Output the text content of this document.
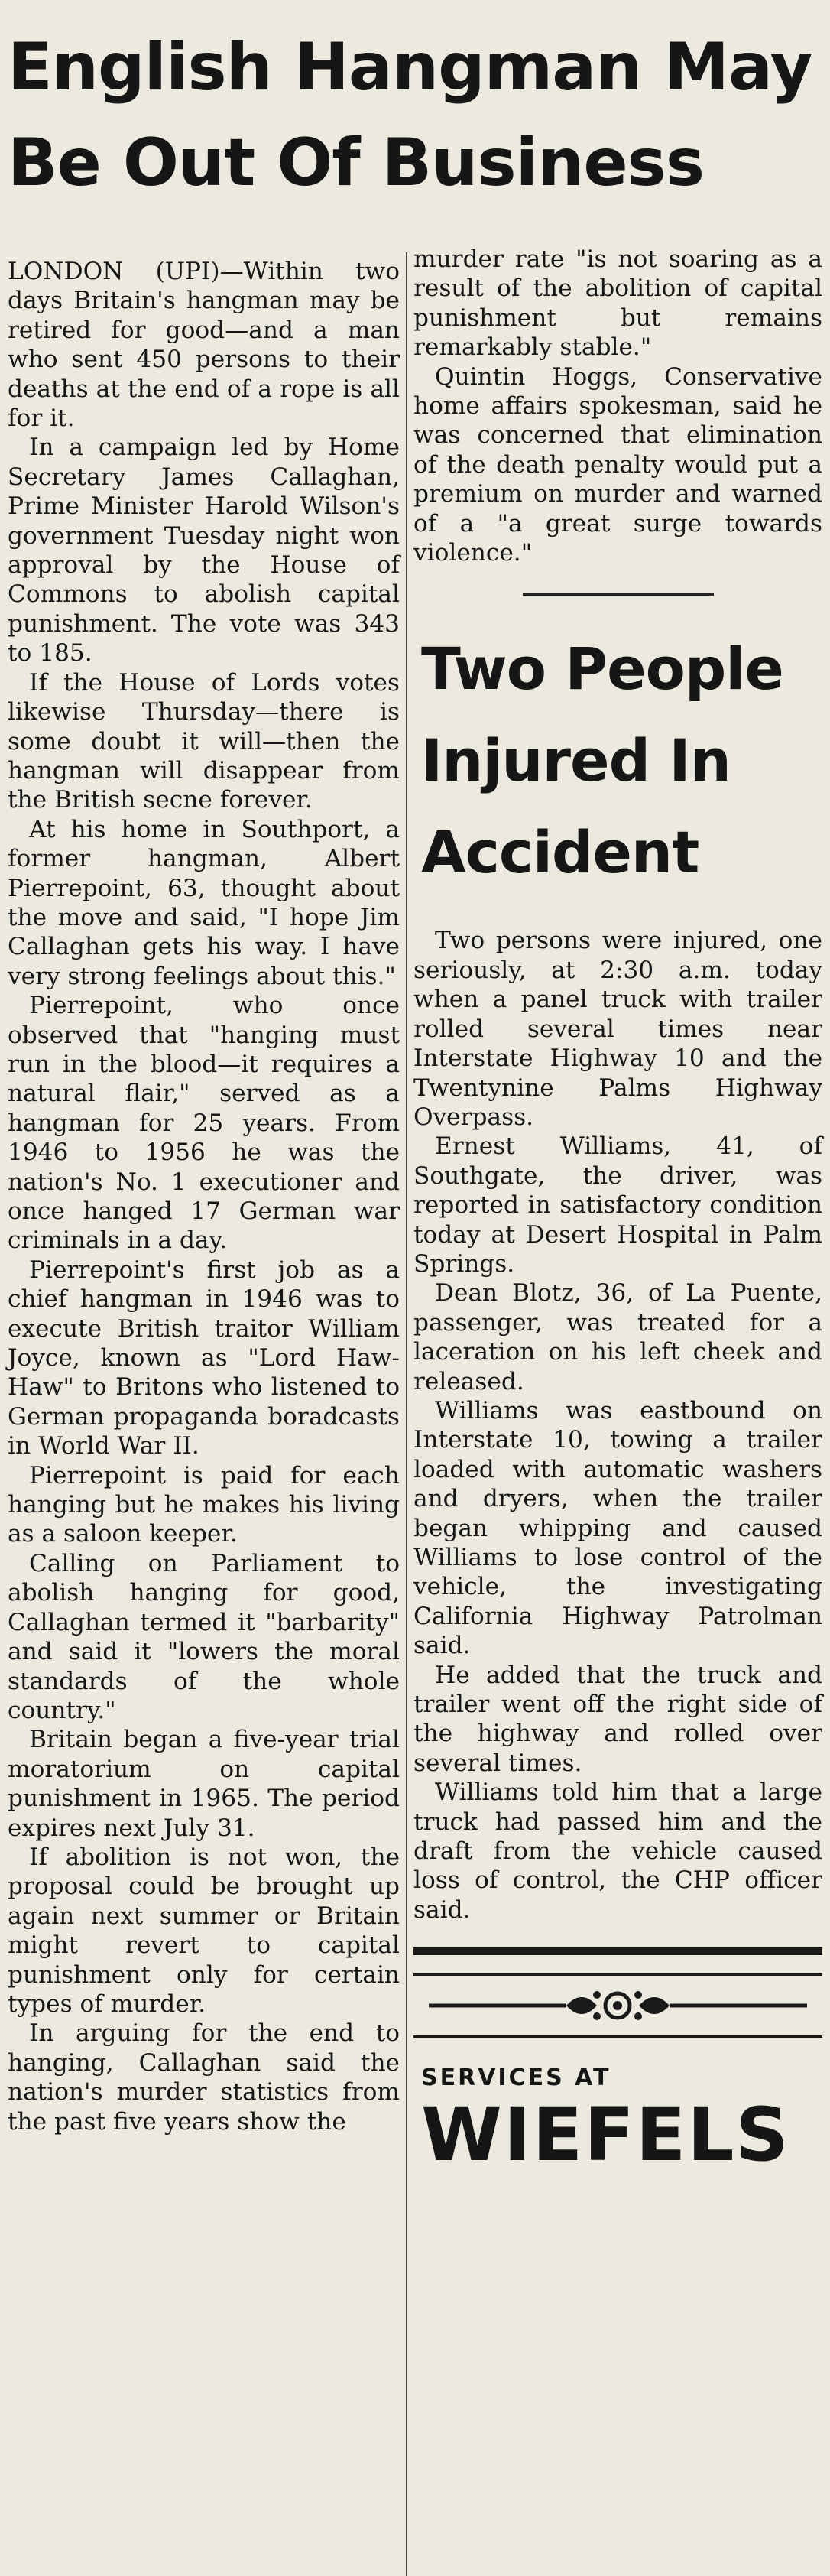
English Hangman May
Be Out Of Business

LONDON (UPI)—Within two days Britain's hangman may be retired for good—and a man who sent 450 persons to their deaths at the end of a rope is all for it.

In a campaign led by Home Secretary James Callaghan, Prime Minister Harold Wilson's government Tuesday night won approval by the House of Commons to abolish capital punishment. The vote was 343 to 185.

If the House of Lords votes likewise Thursday—there is some doubt it will—then the hangman will disappear from the British secne forever.

At his home in Southport, a former hangman, Albert Pierrepoint, 63, thought about the move and said, "I hope Jim Callaghan gets his way. I have very strong feelings about this."

Pierrepoint, who once observed that "hanging must run in the blood—it requires a natural flair," served as a hangman for 25 years. From 1946 to 1956 he was the nation's No. 1 executioner and once hanged 17 German war criminals in a day.

Pierrepoint's first job as a chief hangman in 1946 was to execute British traitor William Joyce, known as "Lord Haw-Haw" to Britons who listened to German propaganda boradcasts in World War II.

Pierrepoint is paid for each hanging but he makes his living as a saloon keeper.

Calling on Parliament to abolish hanging for good, Callaghan termed it "barbarity" and said it "lowers the moral standards of the whole country."

Britain began a five-year trial moratorium on capital punishment in 1965. The period expires next July 31.

If abolition is not won, the proposal could be brought up again next summer or Britain might revert to capital punishment only for certain types of murder.

In arguing for the end to hanging, Callaghan said the nation's murder statistics from the past five years show the

murder rate "is not soaring as a result of the abolition of capital punishment but remains remarkably stable."

Quintin Hoggs, Conservative home affairs spokesman, said he was concerned that elimination of the death penalty would put a premium on murder and warned of a "a great surge towards violence."

Two People
Injured In
Accident

Two persons were injured, one seriously, at 2:30 a.m. today when a panel truck with trailer rolled several times near Interstate Highway 10 and the Twentynine Palms Highway Overpass.

Ernest Williams, 41, of Southgate, the driver, was reported in satisfactory condition today at Desert Hospital in Palm Springs.

Dean Blotz, 36, of La Puente, passenger, was treated for a laceration on his left cheek and released.

Williams was eastbound on Interstate 10, towing a trailer loaded with automatic washers and dryers, when the trailer began whipping and caused Williams to lose control of the vehicle, the investigating California Highway Patrolman said.

He added that the truck and trailer went off the right side of the highway and rolled over several times.

Williams told him that a large truck had passed him and the draft from the vehicle caused loss of control, the CHP officer said.

SERVICES AT
WIEFELS
